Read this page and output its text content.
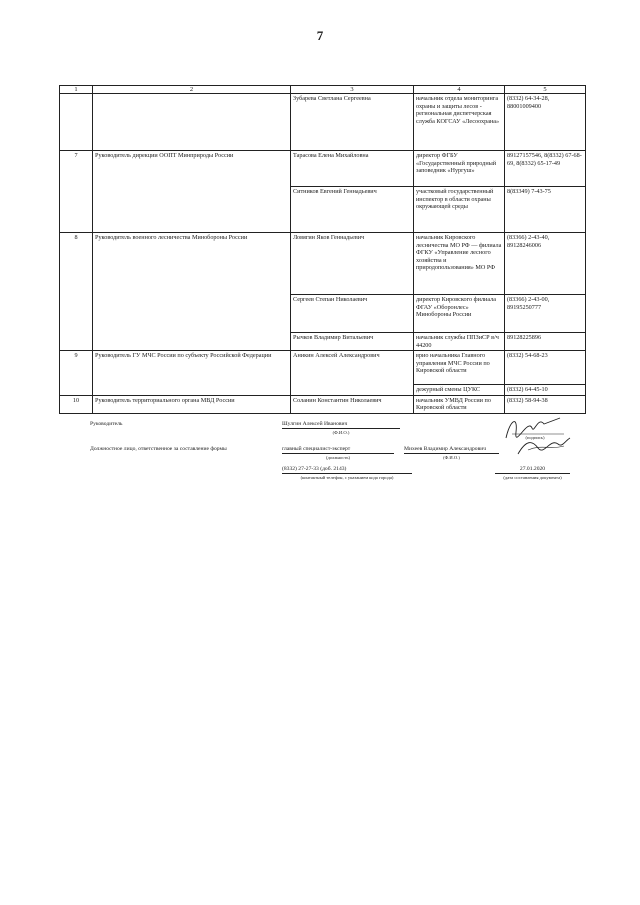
7
1	2	3	4	5
		Зубарева Светлана Сергеевна	начальник отдела мониторинга охраны и защиты лесов - региональная диспетчерская служба КОГСАУ «Лесоохрана»	(8332) 64-34-28, 88001009400
7	Руководитель дирекции ООПТ Минприроды России	Тарасова Елена Михайловна	директор ФГБУ «Государственный природный заповедник «Нургуш»	89127157546, 8(8332) 67-68-69, 8(8332) 65-17-49
		Ситников Евгений Геннадьевич	участковый государственный инспектор в области охраны окружающей среды	8(83349) 7-43-75
8	Руководитель военного лесничества Минобороны России	Ловягин Яков Геннадьевич	начальник Кировского лесничества МО РФ — филиала ФГКУ «Управление лесного хозяйства и природопользования» МО РФ	(83366) 2-43-40, 89128246006
		Сергеев Степан Николаевич	директор Кировского филиала ФГАУ «Оборонлес» Минобороны России	(83366) 2-43-00, 89195250777
		Рычков Владимир Витальевич	начальник службы ППЗиСР в/ч 44200	89128225896
9	Руководитель ГУ МЧС России по субъекту Российской Федерации	Аникин Алексей Александрович	врио начальника Главного управления МЧС России по Кировской области	(8332) 54-68-23
			дежурный смены ЦУКС	(8332) 64-45-10
10	Руководитель территориального органа МВД России	Соланин Константин Николаевич	начальник УМВД России по Кировской области	(8332) 58-94-38
Руководитель	Шулгин Алексей Иванович
(Ф.И.О.)
(подпись)
Должностное лицо, ответственное за составление формы	главный специалист-эксперт
(должность)
Михеев Владимир Александрович
(Ф.И.О.)
(8332) 27-27-33 (доб. 2143)
(контактный телефон, с указанием кода города)
27.01.2020
(дата составления документа)
